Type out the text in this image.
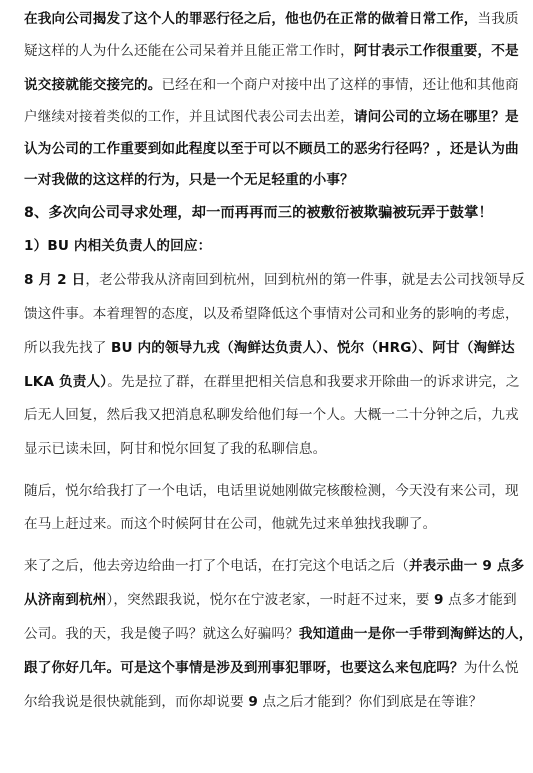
在我向公司揭发了这个人的罪恶行径之后，他也仍在正常的做着日常工作，当我质
疑这样的人为什么还能在公司呆着并且能正常工作时，阿甘表示工作很重要，不是
说交接就能交接完的。已经在和一个商户对接中出了这样的事情，还让他和其他商
户继续对接着类似的工作，并且试图代表公司去出差，请问公司的立场在哪里？是
认为公司的工作重要到如此程度以至于可以不顾员工的恶劣行径吗？，还是认为曲
一对我做的这这样的行为，只是一个无足轻重的小事？
8、多次向公司寻求处理，却一而再再而三的被敷衍被欺骗被玩弄于鼓掌！
1）BU 内相关负责人的回应：
8 月 2 日，老公带我从济南回到杭州，回到杭州的第一件事，就是去公司找领导反
馈这件事。本着理智的态度，以及希望降低这个事情对公司和业务的影响的考虑，
所以我先找了 BU 内的领导九戎（淘鲜达负责人）、悦尔（HRG）、阿甘（淘鲜达
LKA 负责人）。先是拉了群，在群里把相关信息和我要求开除曲一的诉求讲完，之
后无人回复，然后我又把消息私聊发给他们每一个人。大概一二十分钟之后，九戎
显示已读未回，阿甘和悦尔回复了我的私聊信息。
随后，悦尔给我打了一个电话，电话里说她刚做完核酸检测，今天没有来公司，现
在马上赶过来。而这个时候阿甘在公司，他就先过来单独找我聊了。
来了之后，他去旁边给曲一打了个电话，在打完这个电话之后（并表示曲一 9 点多
从济南到杭州），突然跟我说，悦尔在宁波老家，一时赶不过来，要 9 点多才能到
公司。我的天，我是傻子吗？就这么好骗吗？我知道曲一是你一手带到淘鲜达的人，
跟了你好几年。可是这个事情是涉及到刑事犯罪呀，也要这么来包庇吗？为什么悦
尔给我说是很快就能到，而你却说要 9 点之后才能到？你们到底是在等谁？
